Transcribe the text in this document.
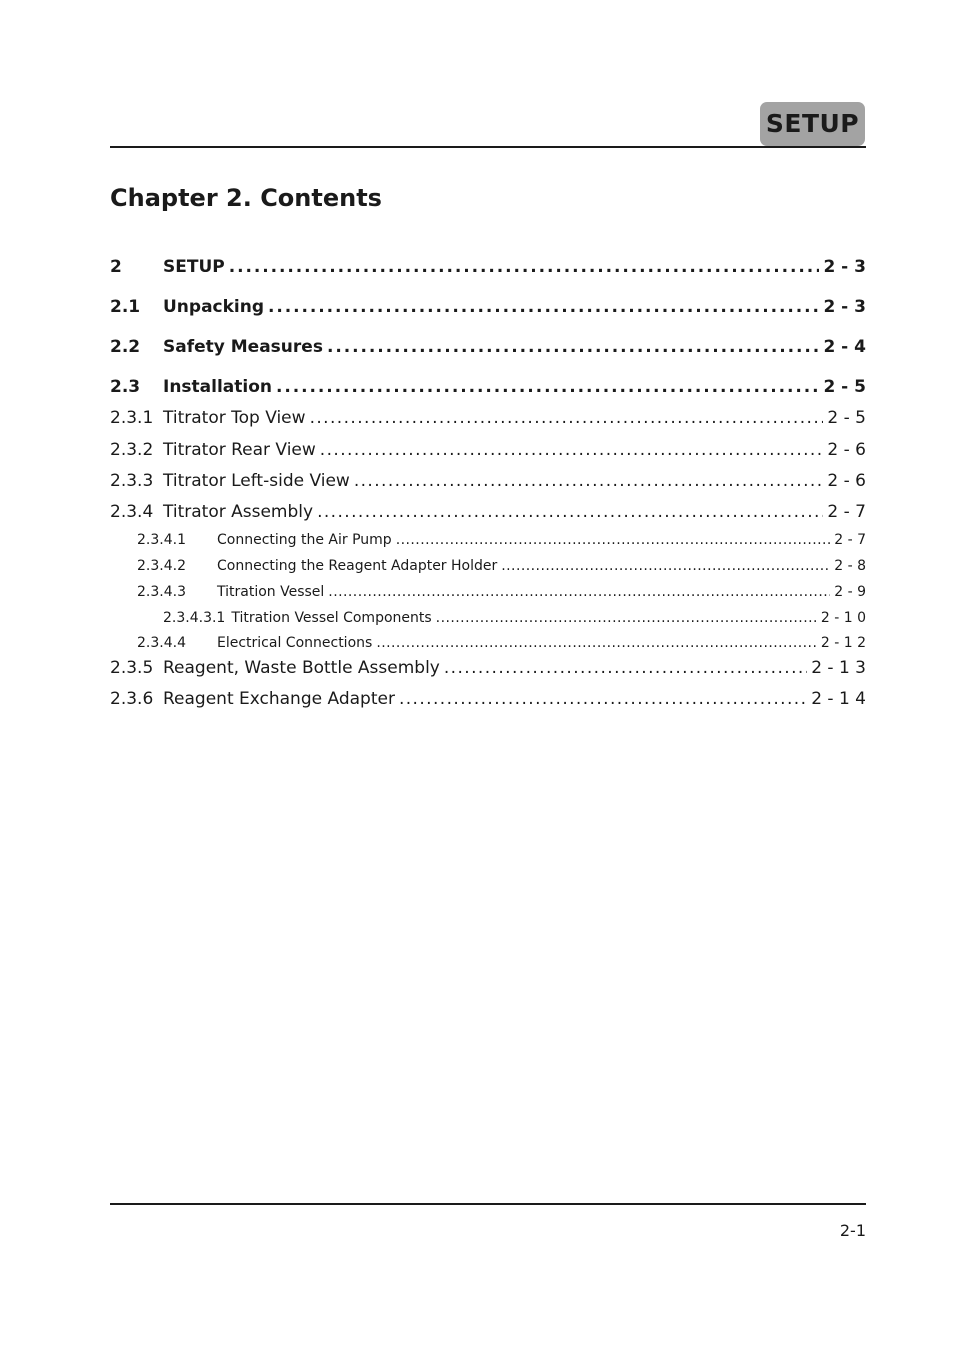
SETUP
Chapter 2. Contents
2	SETUP . . .	2 - 3
2.1	Unpacking . . .	2 - 3
2.2	Safety Measures . . .	2 - 4
2.3	Installation . . .	2 - 5
2.3.1 Titrator Top View . . .	2 - 5
2.3.2 Titrator Rear View . . .	2 - 6
2.3.3 Titrator Left-side View . . .	2 - 6
2.3.4 Titrator Assembly . . .	2 - 7
2.3.4.1	Connecting the Air Pump . . .	2 - 7
2.3.4.2	Connecting the Reagent Adapter Holder . . .	2 - 8
2.3.4.3	Titration Vessel . . .	2 - 9
2.3.4.3.1 Titration Vessel Components . . .	2 - 1 0
2.3.4.4	Electrical Connections . . .	2 - 1 2
2.3.5 Reagent, Waste Bottle Assembly . . .	2 - 1 3
2.3.6 Reagent Exchange Adapter . . .	2 - 1 4
2-1
